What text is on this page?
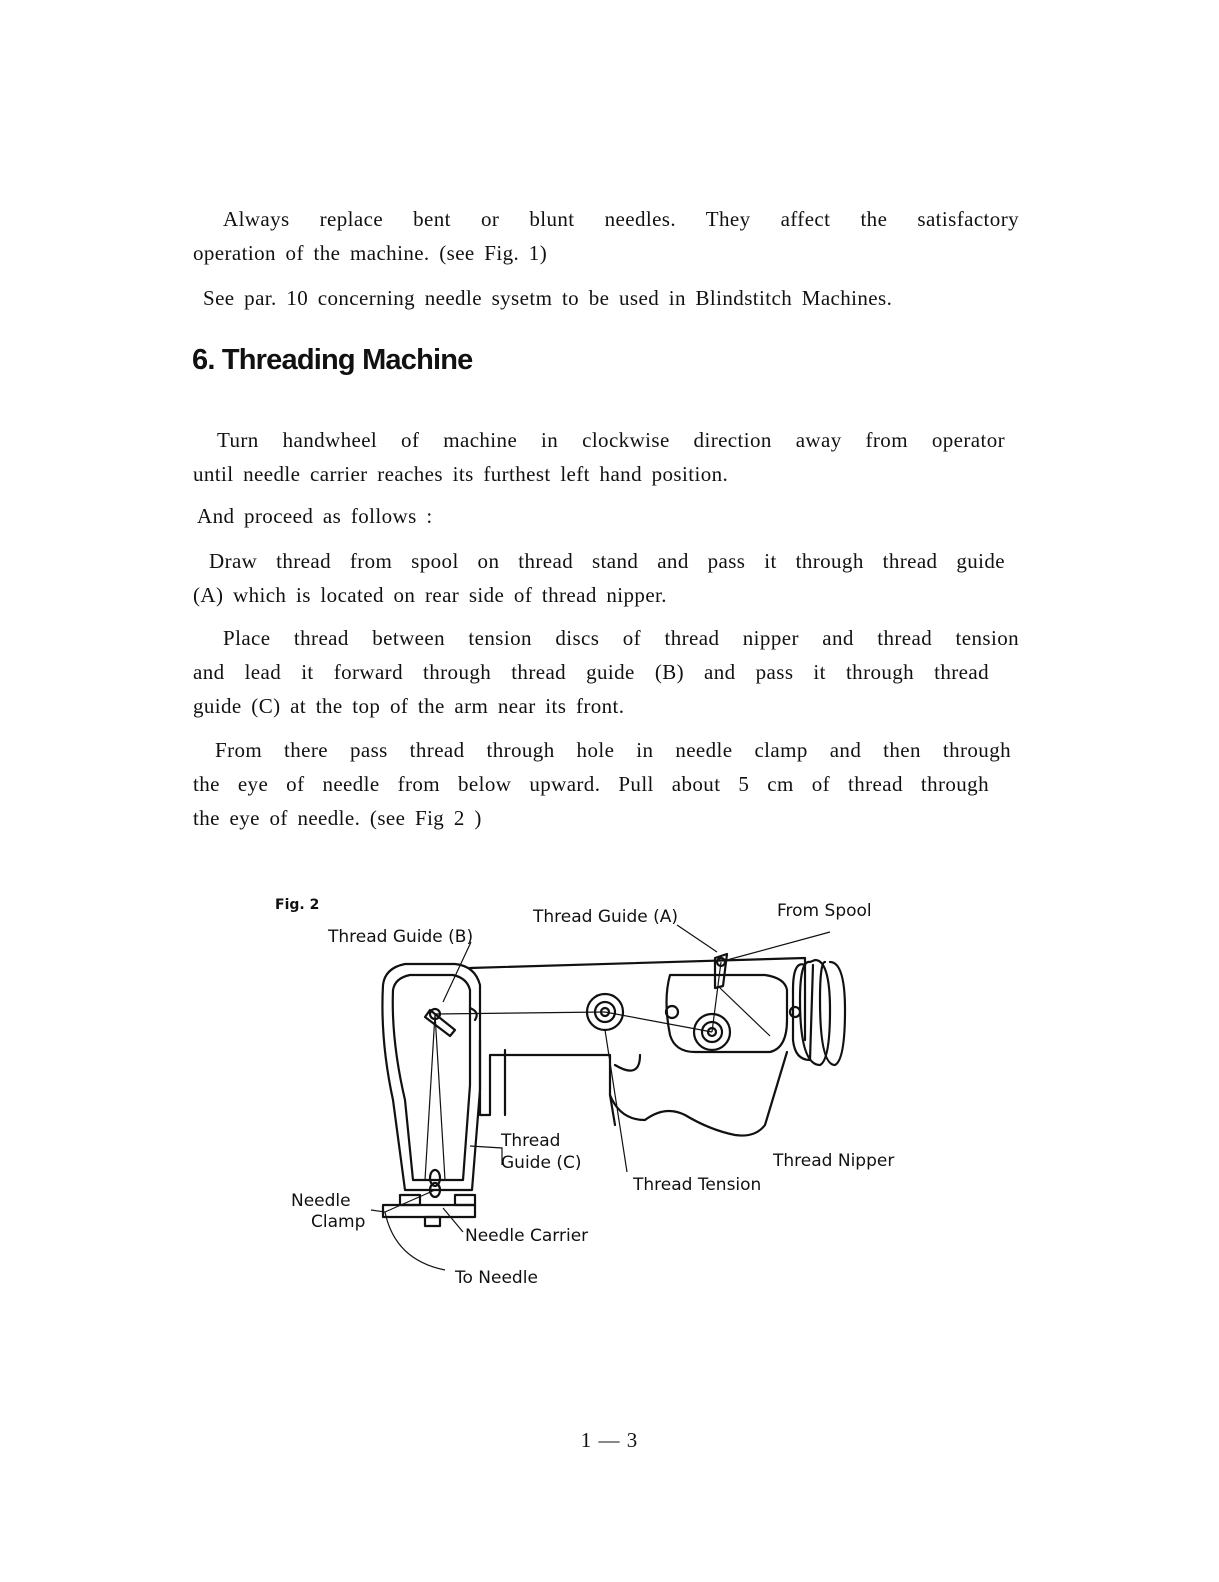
Always replace bent or blunt needles. They affect the satisfactory
operation of the machine. (see Fig. 1)
See par. 10 concerning needle sysetm to be used in Blindstitch Machines.
6. Threading Machine
Turn handwheel of machine in clockwise direction away from operator
until needle carrier reaches its furthest left hand position.
And proceed as follows :
Draw thread from spool on thread stand and pass it through thread guide
(A) which is located on rear side of thread nipper.
Place thread between tension discs of thread nipper and thread tension
and lead it forward through thread guide (B) and pass it through thread
guide (C) at the top of the arm near its front.
From there pass thread through hole in needle clamp and then through
the eye of needle from below upward. Pull about 5 cm of thread through
the eye of needle. (see Fig 2 )
Fig. 2
Thread Guide (B)
Thread Guide (A)	From Spool
Thread
Guide (C)	Thread Nipper
Thread Tension
Needle
Clamp
Needle Carrier
To Needle
1 — 3
